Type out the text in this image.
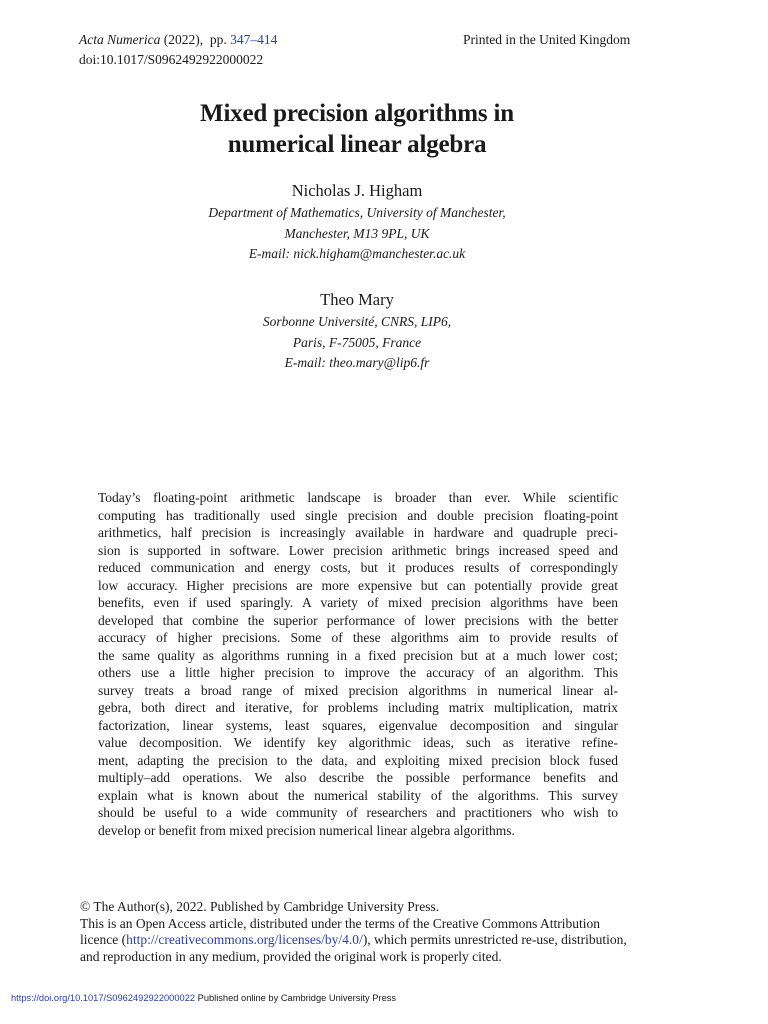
Acta Numerica (2022),  pp. 347–414
doi:10.1017/S0962492922000022
Printed in the United Kingdom
Mixed precision algorithms in
numerical linear algebra
Nicholas J. Higham
Department of Mathematics, University of Manchester,
Manchester, M13 9PL, UK
E-mail: nick.higham@manchester.ac.uk
Theo Mary
Sorbonne Université, CNRS, LIP6,
Paris, F-75005, France
E-mail: theo.mary@lip6.fr
Today’s floating-point arithmetic landscape is broader than ever. While scientific
computing has traditionally used single precision and double precision floating-point
arithmetics, half precision is increasingly available in hardware and quadruple preci-
sion is supported in software. Lower precision arithmetic brings increased speed and
reduced communication and energy costs, but it produces results of correspondingly
low accuracy. Higher precisions are more expensive but can potentially provide great
benefits, even if used sparingly. A variety of mixed precision algorithms have been
developed that combine the superior performance of lower precisions with the better
accuracy of higher precisions. Some of these algorithms aim to provide results of
the same quality as algorithms running in a fixed precision but at a much lower cost;
others use a little higher precision to improve the accuracy of an algorithm. This
survey treats a broad range of mixed precision algorithms in numerical linear al-
gebra, both direct and iterative, for problems including matrix multiplication, matrix
factorization, linear systems, least squares, eigenvalue decomposition and singular
value decomposition. We identify key algorithmic ideas, such as iterative refine-
ment, adapting the precision to the data, and exploiting mixed precision block fused
multiply–add operations. We also describe the possible performance benefits and
explain what is known about the numerical stability of the algorithms. This survey
should be useful to a wide community of researchers and practitioners who wish to
develop or benefit from mixed precision numerical linear algebra algorithms.
© The Author(s), 2022. Published by Cambridge University Press.
This is an Open Access article, distributed under the terms of the Creative Commons Attribution
licence (http://creativecommons.org/licenses/by/4.0/), which permits unrestricted re-use, distribution,
and reproduction in any medium, provided the original work is properly cited.
https://doi.org/10.1017/S0962492922000022 Published online by Cambridge University Press
